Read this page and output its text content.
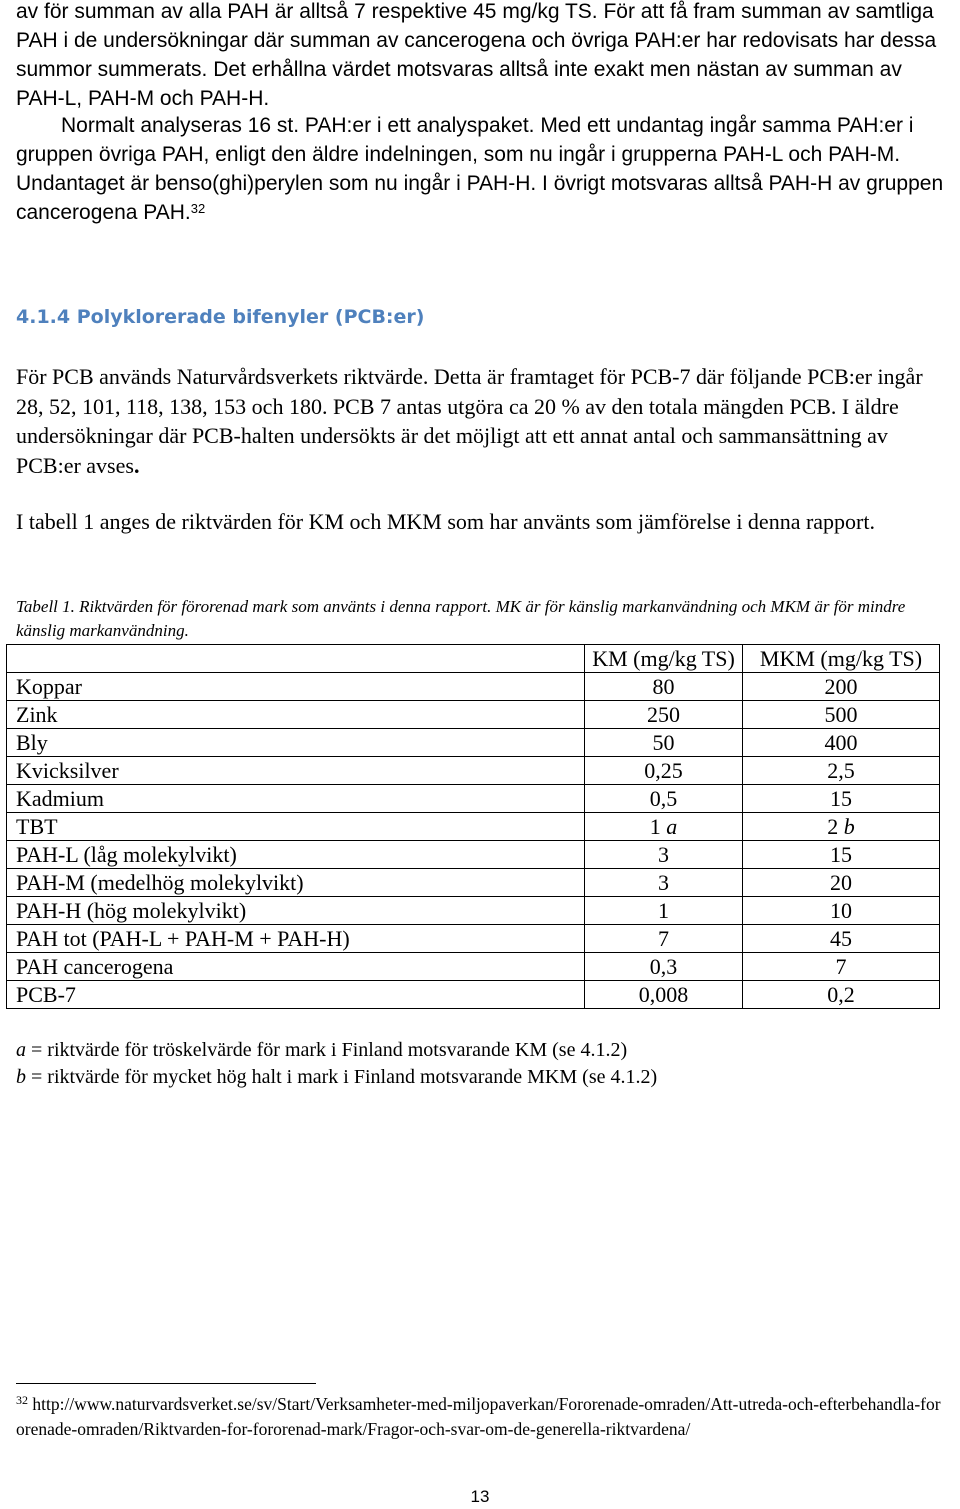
av för summan av alla PAH är alltså 7 respektive 45 mg/kg TS. För att få fram summan av samtliga PAH i de undersökningar där summan av cancerogena och övriga PAH:er har redovisats har dessa summor summerats. Det erhållna värdet motsvaras alltså inte exakt men nästan av summan av PAH-L, PAH-M och PAH-H.

Normalt analyseras 16 st. PAH:er i ett analyspaket. Med ett undantag ingår samma PAH:er i gruppen övriga PAH, enligt den äldre indelningen, som nu ingår i grupperna PAH-L och PAH-M. Undantaget är benso(ghi)perylen som nu ingår i PAH-H. I övrigt motsvaras alltså PAH-H av gruppen cancerogena PAH.$^{32}$

4.1.4 Polyklorerade bifenyler (PCB:er)

För PCB används Naturvårdsverkets riktvärde. Detta är framtaget för PCB-7 där följande PCB:er ingår 28, 52, 101, 118, 138, 153 och 180. PCB 7 antas utgöra ca 20 % av den totala mängden PCB. I äldre undersökningar där PCB-halten undersökts är det möjligt att ett annat antal och sammansättning av PCB:er avses.

I tabell 1 anges de riktvärden för KM och MKM som har använts som jämförelse i denna rapport.

Tabell 1. Riktvärden för förorenad mark som använts i denna rapport. MK är för känslig markanvändning och MKM är för mindre känslig markanvändning.

	KM (mg/kg TS)	MKM (mg/kg TS)
Koppar	80	200
Zink	250	500
Bly	50	400
Kvicksilver	0,25	2,5
Kadmium	0,5	15
TBT	1 a	2 b
PAH-L (låg molekylvikt)	3	15
PAH-M (medelhög molekylvikt)	3	20
PAH-H (hög molekylvikt)	1	10
PAH tot (PAH-L + PAH-M + PAH-H)	7	45
PAH cancerogena	0,3	7
PCB-7	0,008	0,2

a = riktvärde för tröskelvärde för mark i Finland motsvarande KM (se 4.1.2)

b = riktvärde för mycket hög halt i mark i Finland motsvarande MKM (se 4.1.2)

$^{32}$ http://www.naturvardsverket.se/sv/Start/Verksamheter-med-miljopaverkan/Fororenade-omraden/Att-utreda-och-efterbehandla-fororenade-omraden/Riktvarden-for-fororenad-mark/Fragor-och-svar-om-de-generella-riktvardena/

13
